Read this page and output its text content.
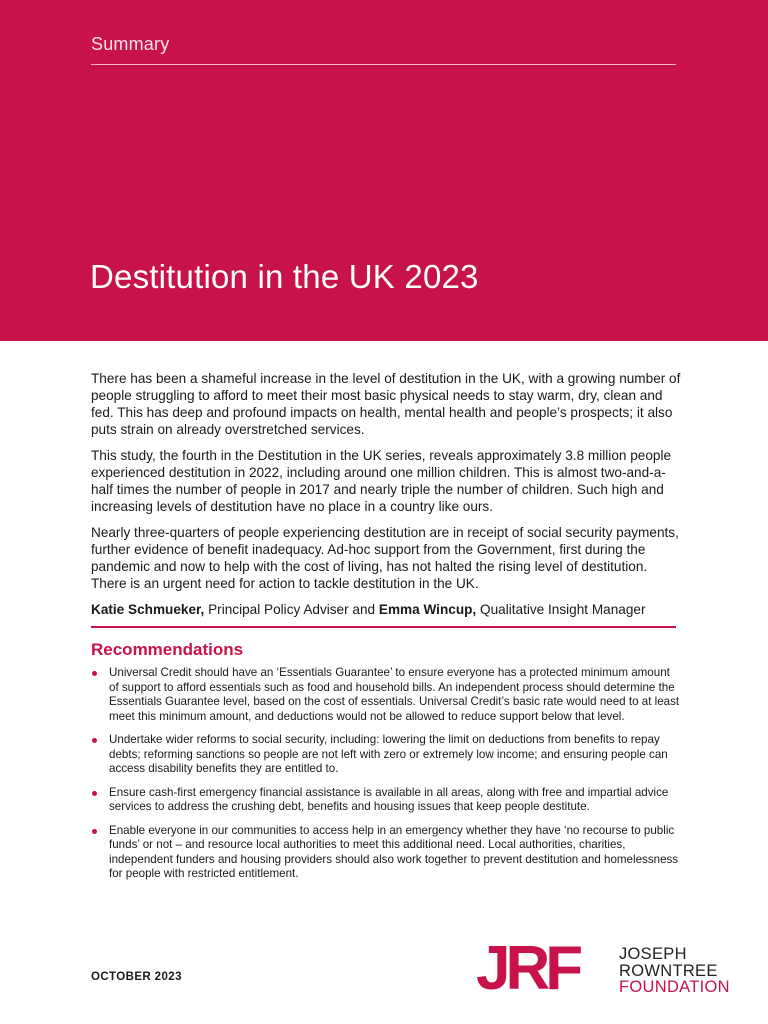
Summary
Destitution in the UK 2023

There has been a shameful increase in the level of destitution in the UK, with a growing number of people struggling to afford to meet their most basic physical needs to stay warm, dry, clean and fed. This has deep and profound impacts on health, mental health and people’s prospects; it also puts strain on already overstretched services.

This study, the fourth in the Destitution in the UK series, reveals approximately 3.8 million people experienced destitution in 2022, including around one million children. This is almost two-and-a-half times the number of people in 2017 and nearly triple the number of children. Such high and increasing levels of destitution have no place in a country like ours.

Nearly three-quarters of people experiencing destitution are in receipt of social security payments, further evidence of benefit inadequacy. Ad-hoc support from the Government, first during the pandemic and now to help with the cost of living, has not halted the rising level of destitution. There is an urgent need for action to tackle destitution in the UK.

Katie Schmueker, Principal Policy Adviser and Emma Wincup, Qualitative Insight Manager
Recommendations
Universal Credit should have an ‘Essentials Guarantee’ to ensure everyone has a protected minimum amount of support to afford essentials such as food and household bills. An independent process should determine the Essentials Guarantee level, based on the cost of essentials. Universal Credit’s basic rate would need to at least meet this minimum amount, and deductions would not be allowed to reduce support below that level.
Undertake wider reforms to social security, including: lowering the limit on deductions from benefits to repay debts; reforming sanctions so people are not left with zero or extremely low income; and ensuring people can access disability benefits they are entitled to.
Ensure cash-first emergency financial assistance is available in all areas, along with free and impartial advice services to address the crushing debt, benefits and housing issues that keep people destitute.
Enable everyone in our communities to access help in an emergency whether they have ‘no recourse to public funds’ or not – and resource local authorities to meet this additional need. Local authorities, charities, independent funders and housing providers should also work together to prevent destitution and homelessness for people with restricted entitlement.
OCTOBER 2023	JRF JOSEPH
ROWNTREE
FOUNDATION
